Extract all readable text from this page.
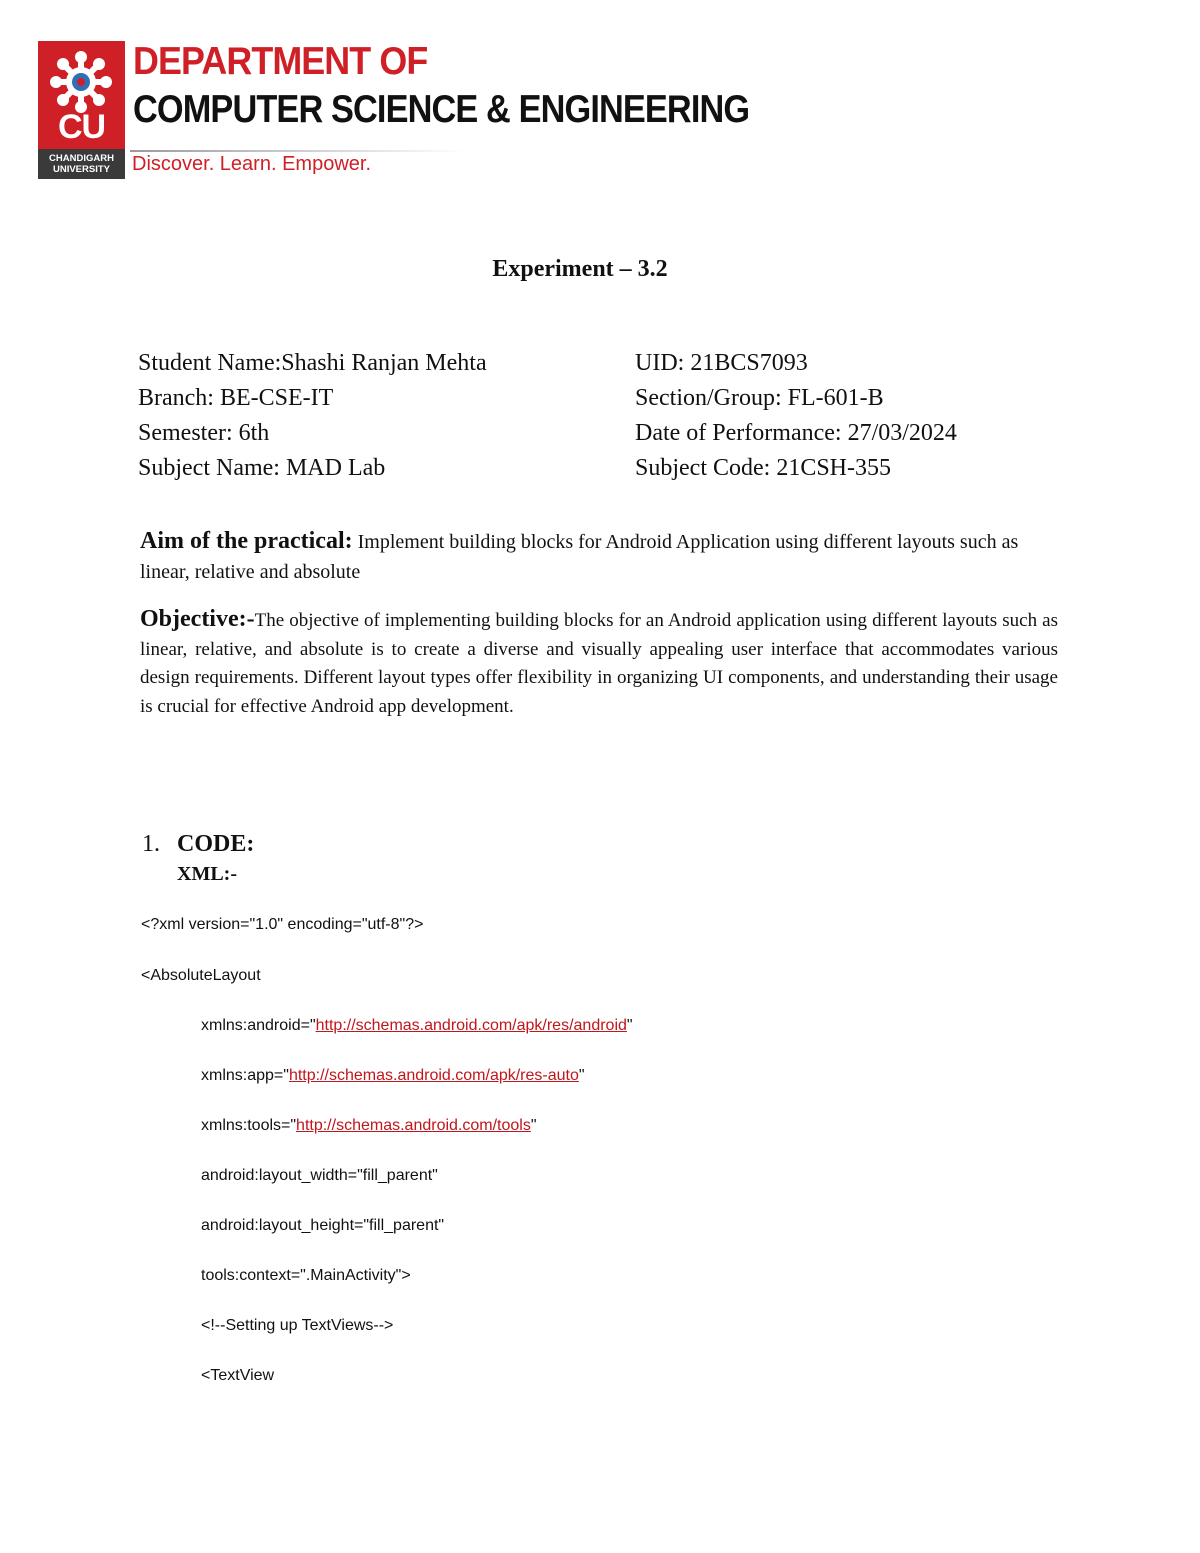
CU
CHANDIGARH
UNIVERSITY
DEPARTMENT OF
COMPUTER SCIENCE & ENGINEERING
Discover. Learn. Empower.
Experiment – 3.2
Student Name:Shashi Ranjan Mehta
Branch: BE-CSE-IT
Semester: 6th
Subject Name: MAD Lab
UID: 21BCS7093
Section/Group: FL-601-B
Date of Performance: 27/03/2024
Subject Code: 21CSH-355
Aim of the practical: Implement building blocks for Android Application using different layouts such as linear, relative and absolute
Objective:-The objective of implementing building blocks for an Android application using different layouts such as linear, relative, and absolute is to create a diverse and visually appealing user interface that accommodates various design requirements. Different layout types offer flexibility in organizing UI components, and understanding their usage is crucial for effective Android app development.
1. CODE:
XML:-
<?xml version="1.0" encoding="utf-8"?>
<AbsoluteLayout
xmlns:android="http://schemas.android.com/apk/res/android"
xmlns:app="http://schemas.android.com/apk/res-auto"
xmlns:tools="http://schemas.android.com/tools"
android:layout_width="fill_parent"
android:layout_height="fill_parent"
tools:context=".MainActivity">
<!--Setting up TextViews-->
<TextView
